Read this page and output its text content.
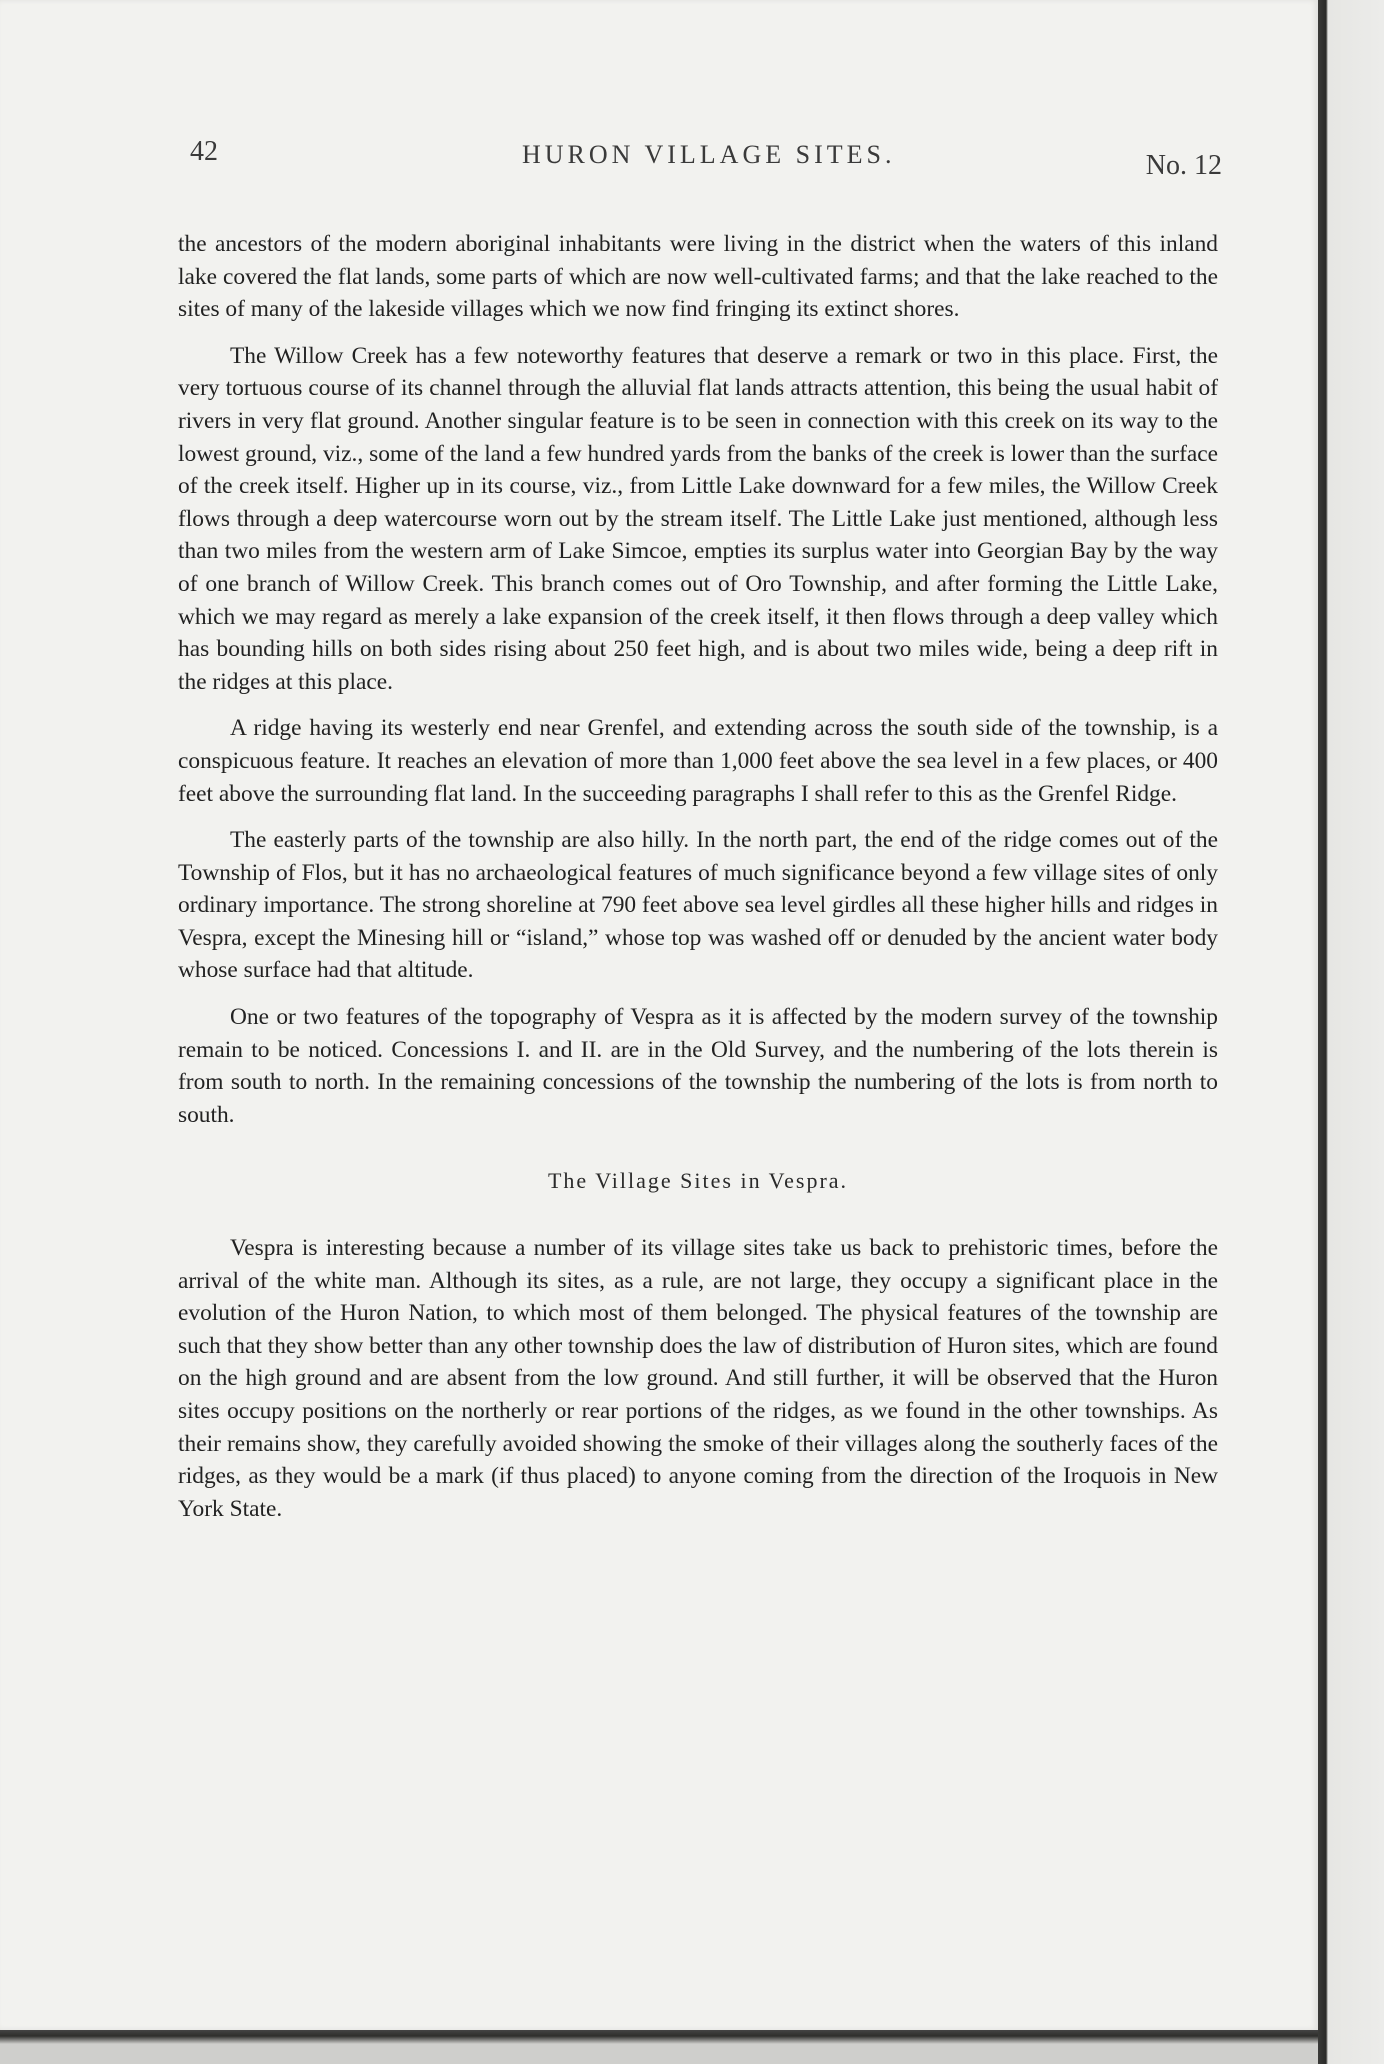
42	HURON VILLAGE SITES.	No. 12

the ancestors of the modern aboriginal inhabitants were living in the district when the waters of this inland lake covered the flat lands, some parts of which are now well-cultivated farms; and that the lake reached to the sites of many of the lakeside villages which we now find fringing its extinct shores.

The Willow Creek has a few noteworthy features that deserve a remark or two in this place. First, the very tortuous course of its channel through the alluvial flat lands attracts attention, this being the usual habit of rivers in very flat ground. Another singular feature is to be seen in connection with this creek on its way to the lowest ground, viz., some of the land a few hundred yards from the banks of the creek is lower than the surface of the creek itself. Higher up in its course, viz., from Little Lake downward for a few miles, the Willow Creek flows through a deep watercourse worn out by the stream itself. The Little Lake just mentioned, although less than two miles from the western arm of Lake Simcoe, empties its surplus water into Georgian Bay by the way of one branch of Willow Creek. This branch comes out of Oro Township, and after forming the Little Lake, which we may regard as merely a lake expansion of the creek itself, it then flows through a deep valley which has bounding hills on both sides rising about 250 feet high, and is about two miles wide, being a deep rift in the ridges at this place.

A ridge having its westerly end near Grenfel, and extending across the south side of the township, is a conspicuous feature. It reaches an elevation of more than 1,000 feet above the sea level in a few places, or 400 feet above the surrounding flat land. In the succeeding paragraphs I shall refer to this as the Grenfel Ridge.

The easterly parts of the township are also hilly. In the north part, the end of the ridge comes out of the Township of Flos, but it has no archaeological features of much significance beyond a few village sites of only ordinary importance. The strong shoreline at 790 feet above sea level girdles all these higher hills and ridges in Vespra, except the Minesing hill or “island,” whose top was washed off or denuded by the ancient water body whose surface had that altitude.

One or two features of the topography of Vespra as it is affected by the modern survey of the township remain to be noticed. Concessions I. and II. are in the Old Survey, and the numbering of the lots therein is from south to north. In the remaining concessions of the township the numbering of the lots is from north to south.

The Village Sites in Vespra.

Vespra is interesting because a number of its village sites take us back to prehistoric times, before the arrival of the white man. Although its sites, as a rule, are not large, they occupy a significant place in the evolution of the Huron Nation, to which most of them belonged. The physical features of the township are such that they show better than any other township does the law of distribution of Huron sites, which are found on the high ground and are absent from the low ground. And still further, it will be observed that the Huron sites occupy positions on the northerly or rear portions of the ridges, as we found in the other townships. As their remains show, they carefully avoided showing the smoke of their villages along the southerly faces of the ridges, as they would be a mark (if thus placed) to anyone coming from the direction of the Iroquois in New York State.
